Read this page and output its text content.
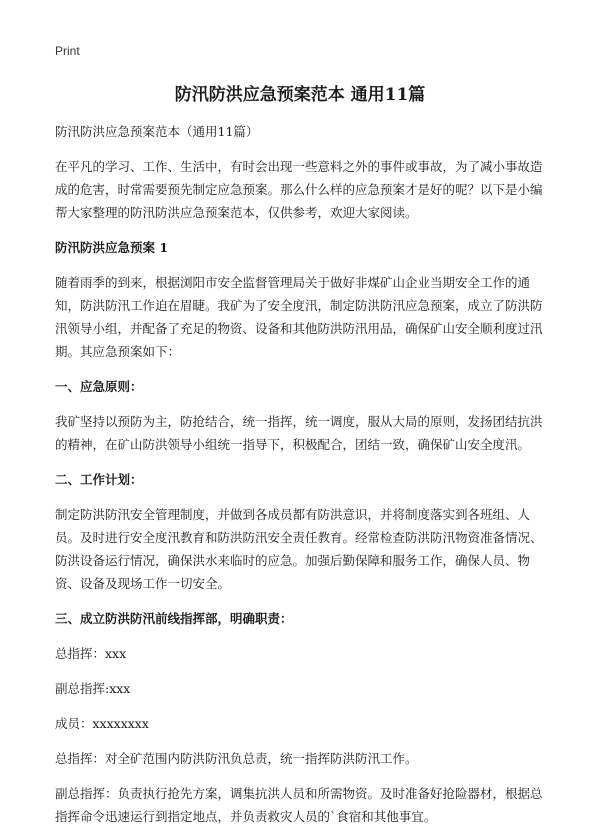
Print
防汛防洪应急预案范本 通用11篇

防汛防洪应急预案范本（通用11篇）

在平凡的学习、工作、生活中，有时会出现一些意料之外的事件或事故，为了减小事故造成的危害，时常需要预先制定应急预案。那么什么样的应急预案才是好的呢？以下是小编帮大家整理的防汛防洪应急预案范本，仅供参考，欢迎大家阅读。

防汛防洪应急预案 1

随着雨季的到来，根据浏阳市安全监督管理局关于做好非煤矿山企业当期安全工作的通知，防洪防汛工作迫在眉睫。我矿为了安全度汛，制定防洪防汛应急预案，成立了防洪防汛领导小组，并配备了充足的物资、设备和其他防洪防汛用品，确保矿山安全顺利度过汛期。其应急预案如下：

一、应急原则：

我矿坚持以预防为主，防抢结合，统一指挥，统一调度，服从大局的原则，发扬团结抗洪的精神，在矿山防洪领导小组统一指导下，积极配合，团结一致，确保矿山安全度汛。

二、工作计划：

制定防洪防汛安全管理制度，并做到各成员都有防洪意识，并将制度落实到各班组、人员。及时进行安全度汛教育和防洪防汛安全责任教育。经常检查防洪防汛物资准备情况、防洪设备运行情况，确保洪水来临时的应急。加强后勤保障和服务工作，确保人员、物资、设备及现场工作一切安全。

三、成立防洪防汛前线指挥部，明确职责：

总指挥：xxx

副总指挥:xxx

成员：xxxxxxxx

总指挥：对全矿范围内防洪防汛负总责，统一指挥防洪防汛工作。

副总指挥：负责执行抢先方案，调集抗洪人员和所需物资。及时准备好抢险器材，根据总指挥命令迅速运行到指定地点，并负责救灾人员的`食宿和其他事宜。
